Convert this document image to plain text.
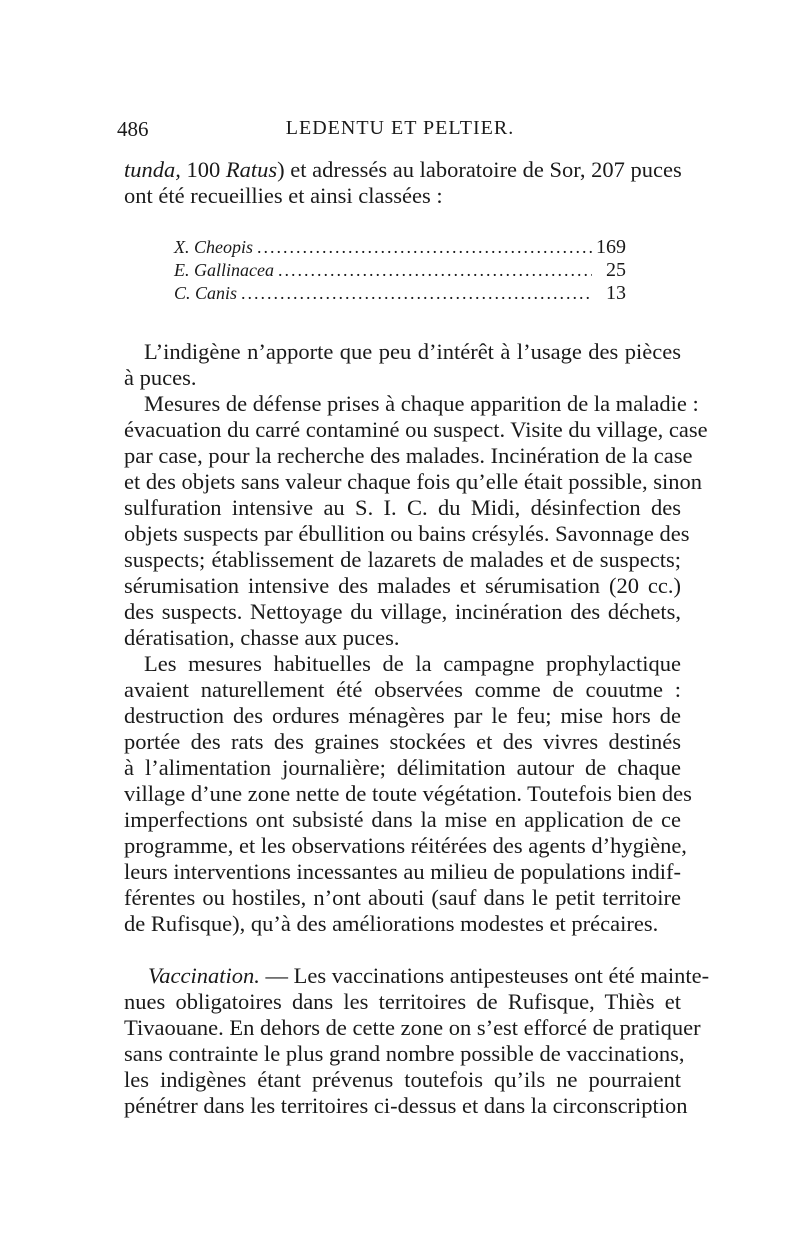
486	LEDENTU ET PELTIER.
tunda, 100 Ratus) et adressés au laboratoire de Sor, 207 puces
ont été recueillies et ainsi classées :
X. Cheopis .....	169
E. Gallinacea .....	25
C. Canis .....	13
L’indigène n’apporte que peu d’intérêt à l’usage des pièces
à puces.
Mesures de défense prises à chaque apparition de la maladie :
évacuation du carré contaminé ou suspect. Visite du village, case
par case, pour la recherche des malades. Incinération de la case
et des objets sans valeur chaque fois qu’elle était possible, sinon
sulfuration intensive au S. I. C. du Midi, désinfection des
objets suspects par ébullition ou bains crésylés. Savonnage des
suspects; établissement de lazarets de malades et de suspects;
sérumisation intensive des malades et sérumisation (20 cc.)
des suspects. Nettoyage du village, incinération des déchets,
dératisation, chasse aux puces.
Les mesures habituelles de la campagne prophylactique
avaient naturellement été observées comme de couutme :
destruction des ordures ménagères par le feu; mise hors de
portée des rats des graines stockées et des vivres destinés
à l’alimentation journalière; délimitation autour de chaque
village d’une zone nette de toute végétation. Toutefois bien des
imperfections ont subsisté dans la mise en application de ce
programme, et les observations réitérées des agents d’hygiène,
leurs interventions incessantes au milieu de populations indif-
férentes ou hostiles, n’ont abouti (sauf dans le petit territoire
de Rufisque), qu’à des améliorations modestes et précaires.
Vaccination. — Les vaccinations antipesteuses ont été mainte-
nues obligatoires dans les territoires de Rufisque, Thiès et
Tivaouane. En dehors de cette zone on s’est efforcé de pratiquer
sans contrainte le plus grand nombre possible de vaccinations,
les indigènes étant prévenus toutefois qu’ils ne pourraient
pénétrer dans les territoires ci-dessus et dans la circonscription
